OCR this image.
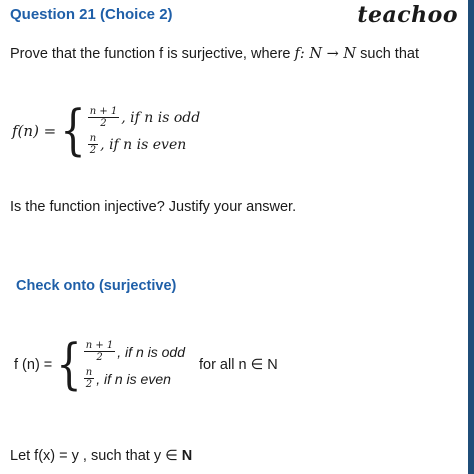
Question 21 (Choice 2)	teachoo
Prove that the function f is surjective, where f: N → N such that
f(n) = { $\frac{n + 1}{2}$ , if n is odd
$\frac{n}{2}$ , if n is even
Is the function injective? Justify your answer.
Check onto (surjective)
f (n) = { $\frac{n + 1}{2}$ , if n is odd
$\frac{n}{2}$ , if n is even
for all n ∈ N
Let f(x) = y , such that y ∈ N
